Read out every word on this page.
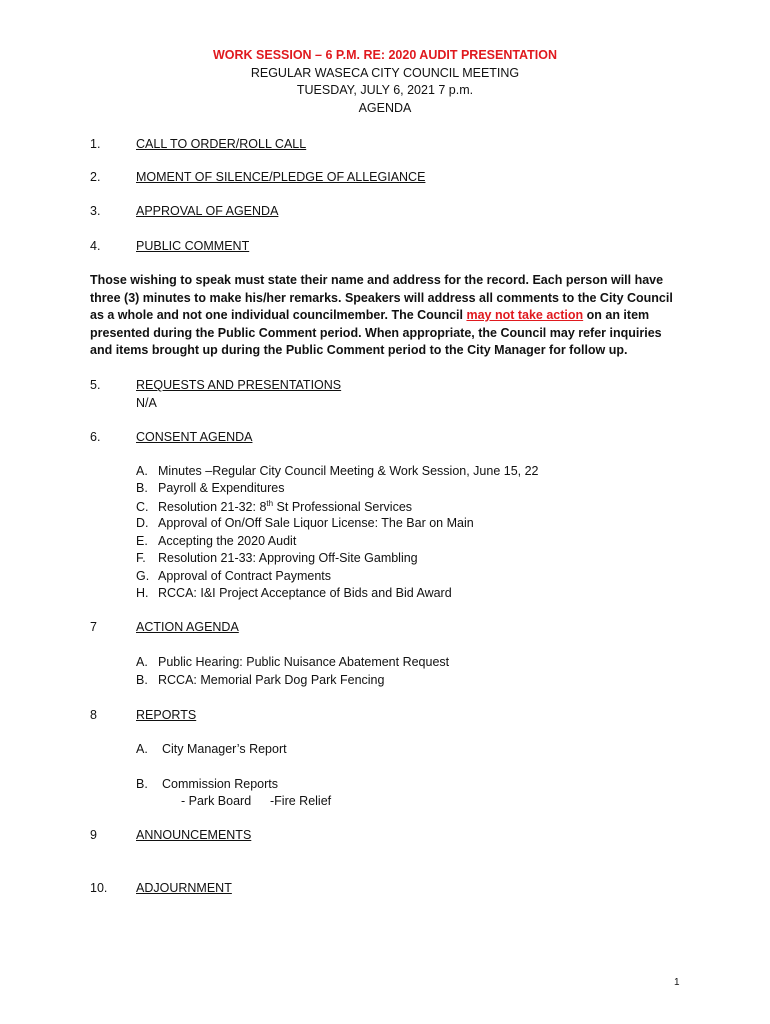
WORK SESSION – 6 P.M. RE: 2020 AUDIT PRESENTATION
REGULAR WASECA CITY COUNCIL MEETING
TUESDAY, JULY 6, 2021 7 p.m.
AGENDA
1.	CALL TO ORDER/ROLL CALL
2.	MOMENT OF SILENCE/PLEDGE OF ALLEGIANCE
3.	APPROVAL OF AGENDA
4.	PUBLIC COMMENT
Those wishing to speak must state their name and address for the record. Each person will have three (3) minutes to make his/her remarks. Speakers will address all comments to the City Council as a whole and not one individual councilmember. The Council may not take action on an item presented during the Public Comment period. When appropriate, the Council may refer inquiries and items brought up during the Public Comment period to the City Manager for follow up.
5.	REQUESTS AND PRESENTATIONS
N/A
6.	CONSENT AGENDA
A. Minutes –Regular City Council Meeting & Work Session, June 15, 22
B. Payroll & Expenditures
C. Resolution 21-32: 8th St Professional Services
D. Approval of On/Off Sale Liquor License: The Bar on Main
E. Accepting the 2020 Audit
F. Resolution 21-33: Approving Off-Site Gambling
G. Approval of Contract Payments
H. RCCA: I&I Project Acceptance of Bids and Bid Award
7	ACTION AGENDA
A. Public Hearing: Public Nuisance Abatement Request
B. RCCA: Memorial Park Dog Park Fencing
8	REPORTS
A. City Manager’s Report
B. Commission Reports
- Park Board -Fire Relief
9	ANNOUNCEMENTS
10. ADJOURNMENT
1
